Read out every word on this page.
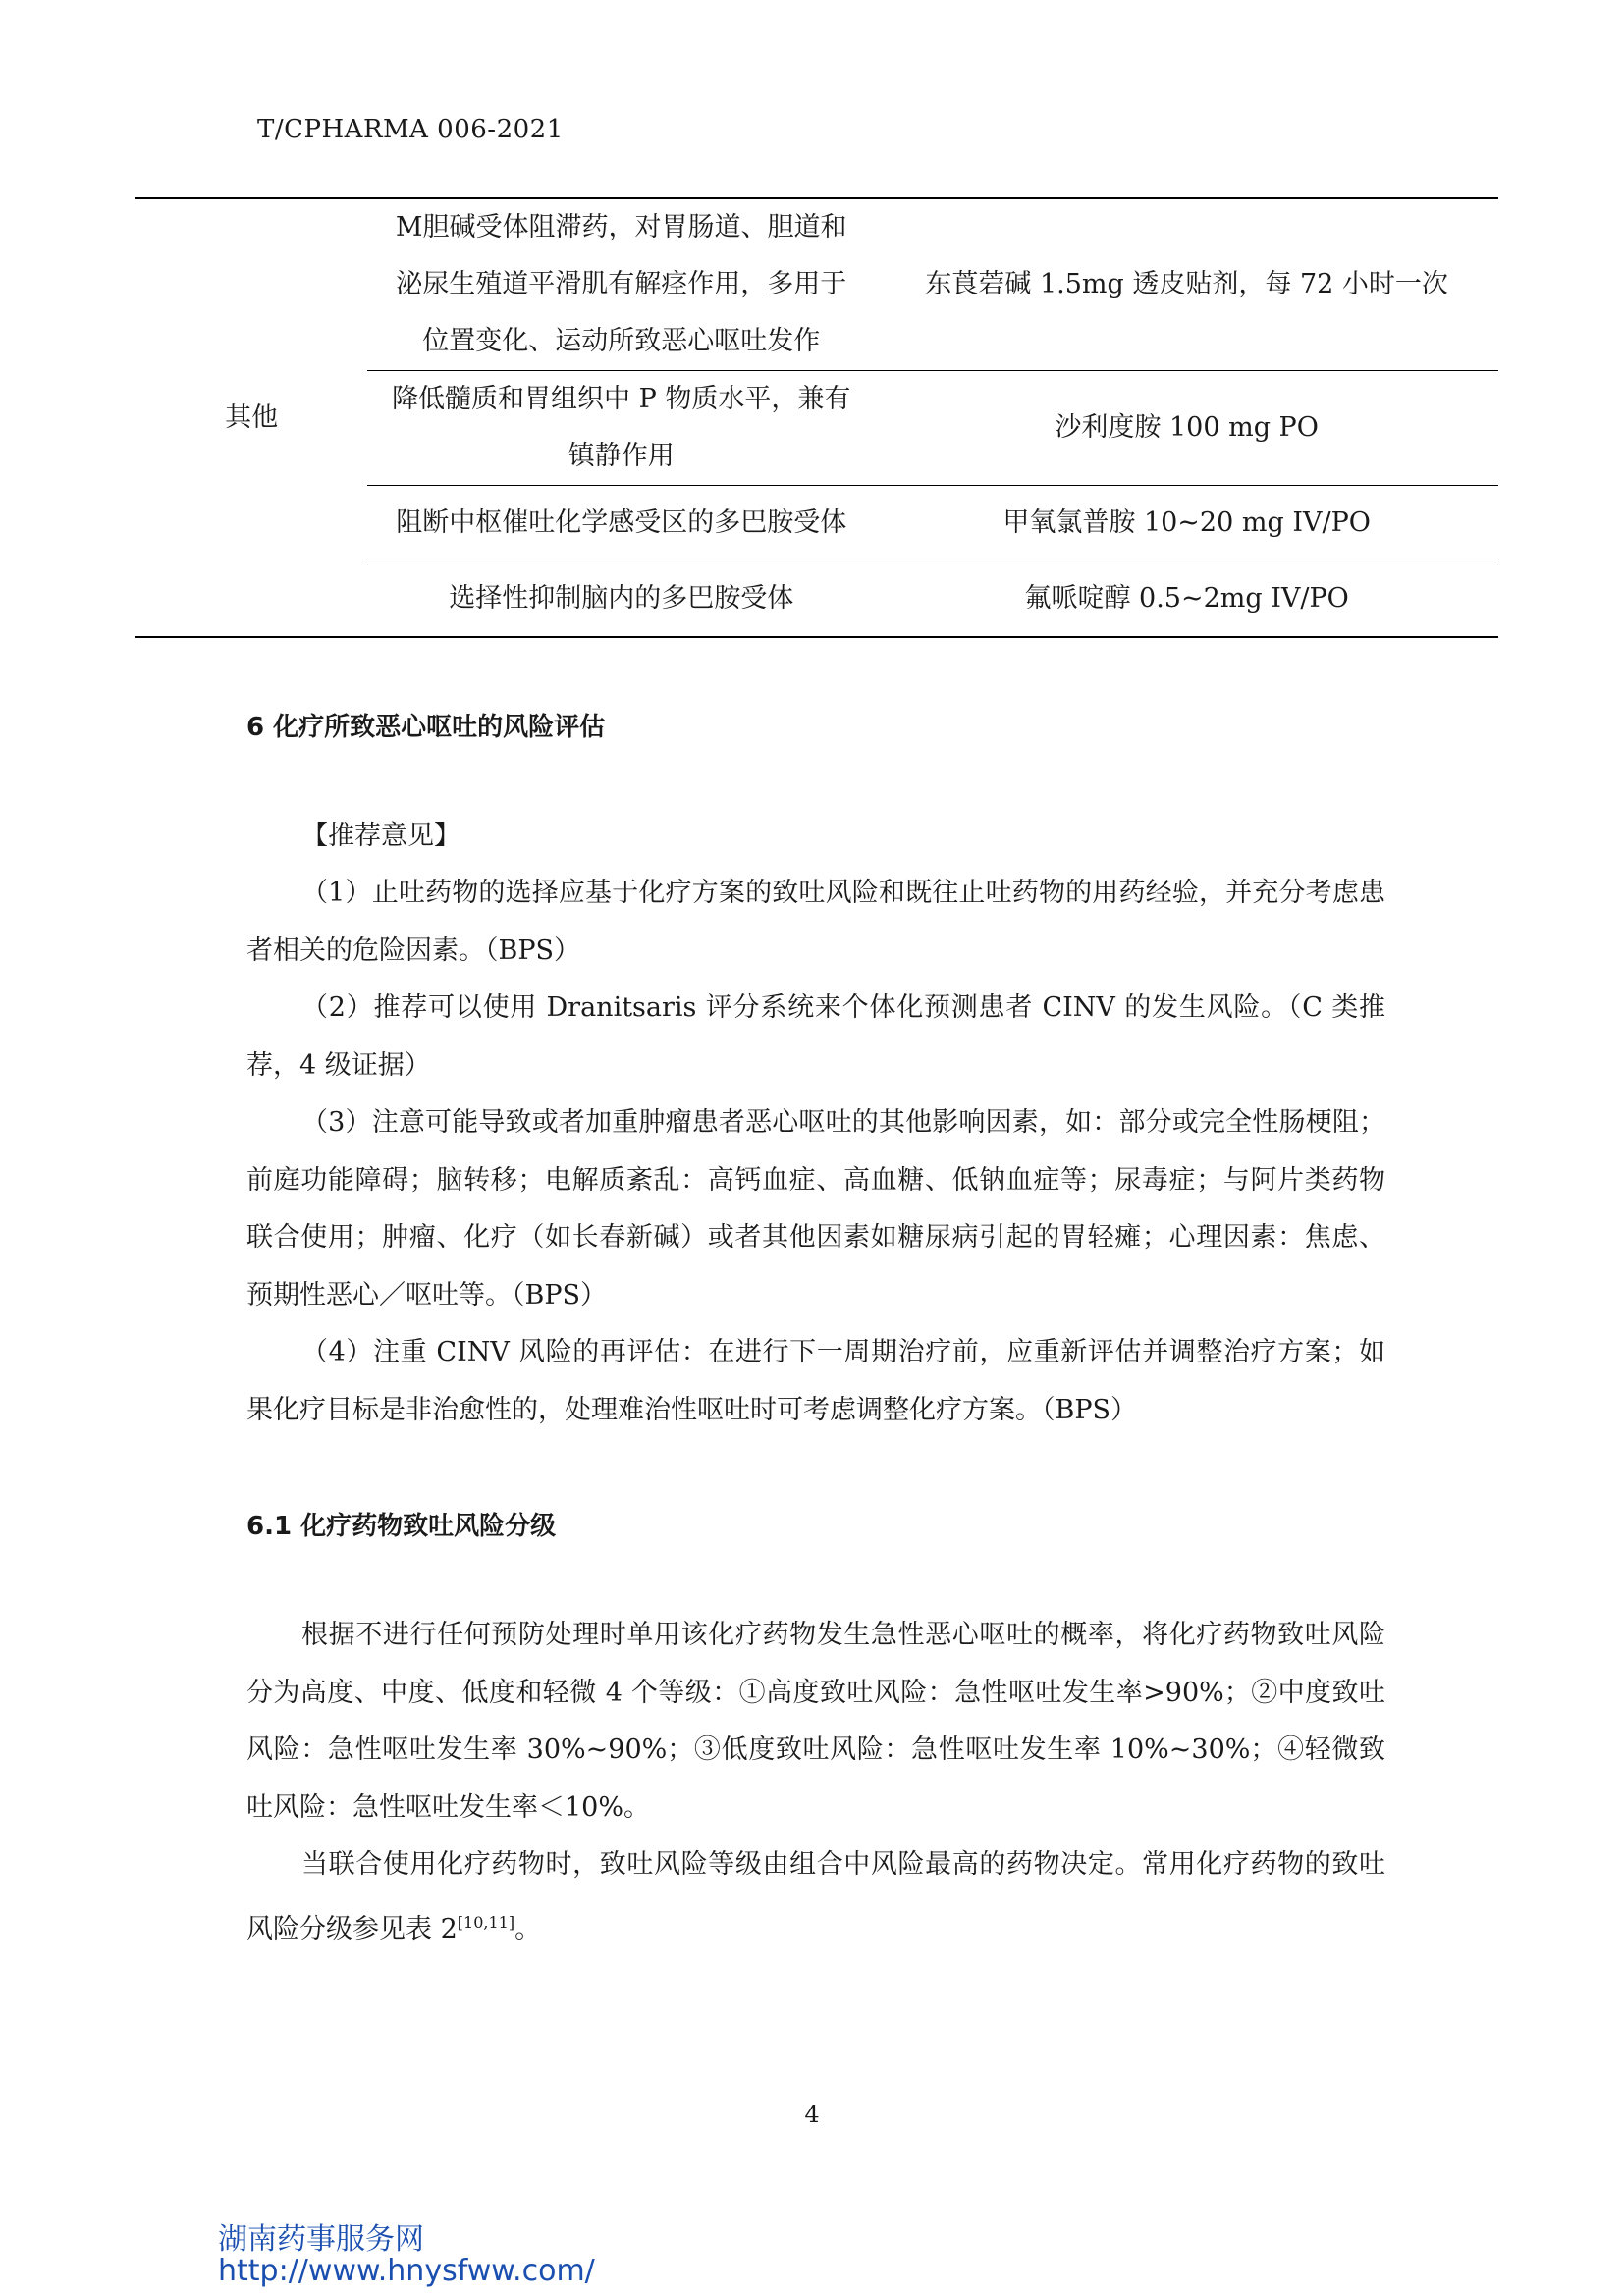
T/CPHARMA 006-2021
其他	M胆碱受体阻滞药，对胃肠道、胆道和
泌尿生殖道平滑肌有解痉作用，多用于
位置变化、运动所致恶心呕吐发作	东莨菪碱 1.5mg 透皮贴剂，每 72 小时一次

	降低髓质和胃组织中 P 物质水平，兼有
镇静作用	沙利度胺 100 mg PO

	阻断中枢催吐化学感受区的多巴胺受体	甲氧氯普胺 10~20 mg IV/PO

	选择性抑制脑内的多巴胺受体	氟哌啶醇 0.5~2mg IV/PO
6 化疗所致恶心呕吐的风险评估
【推荐意见】

（1）止吐药物的选择应基于化疗方案的致吐风险和既往止吐药物的用药经验，并充分考虑患者相关的危险因素。（BPS）

（2）推荐可以使用 Dranitsaris 评分系统来个体化预测患者 CINV 的发生风险。（C 类推荐，4 级证据）

（3）注意可能导致或者加重肿瘤患者恶心呕吐的其他影响因素，如：部分或完全性肠梗阻；前庭功能障碍；脑转移；电解质紊乱：高钙血症、高血糖、低钠血症等；尿毒症；与阿片类药物联合使用；肿瘤、化疗（如长春新碱）或者其他因素如糖尿病引起的胃轻瘫；心理因素：焦虑、预期性恶心／呕吐等。（BPS）

（4）注重 CINV 风险的再评估：在进行下一周期治疗前，应重新评估并调整治疗方案；如果化疗目标是非治愈性的，处理难治性呕吐时可考虑调整化疗方案。（BPS）

6.1 化疗药物致吐风险分级

根据不进行任何预防处理时单用该化疗药物发生急性恶心呕吐的概率，将化疗药物致吐风险分为高度、中度、低度和轻微 4 个等级：①高度致吐风险：急性呕吐发生率>90%；②中度致吐风险：急性呕吐发生率 30%~90%；③低度致吐风险：急性呕吐发生率 10%~30%；④轻微致吐风险：急性呕吐发生率＜10%。

当联合使用化疗药物时，致吐风险等级由组合中风险最高的药物决定。常用化疗药物的致吐风险分级参见表 2[10,11]。

4
湖南药事服务网
http://www.hnysfww.com/
